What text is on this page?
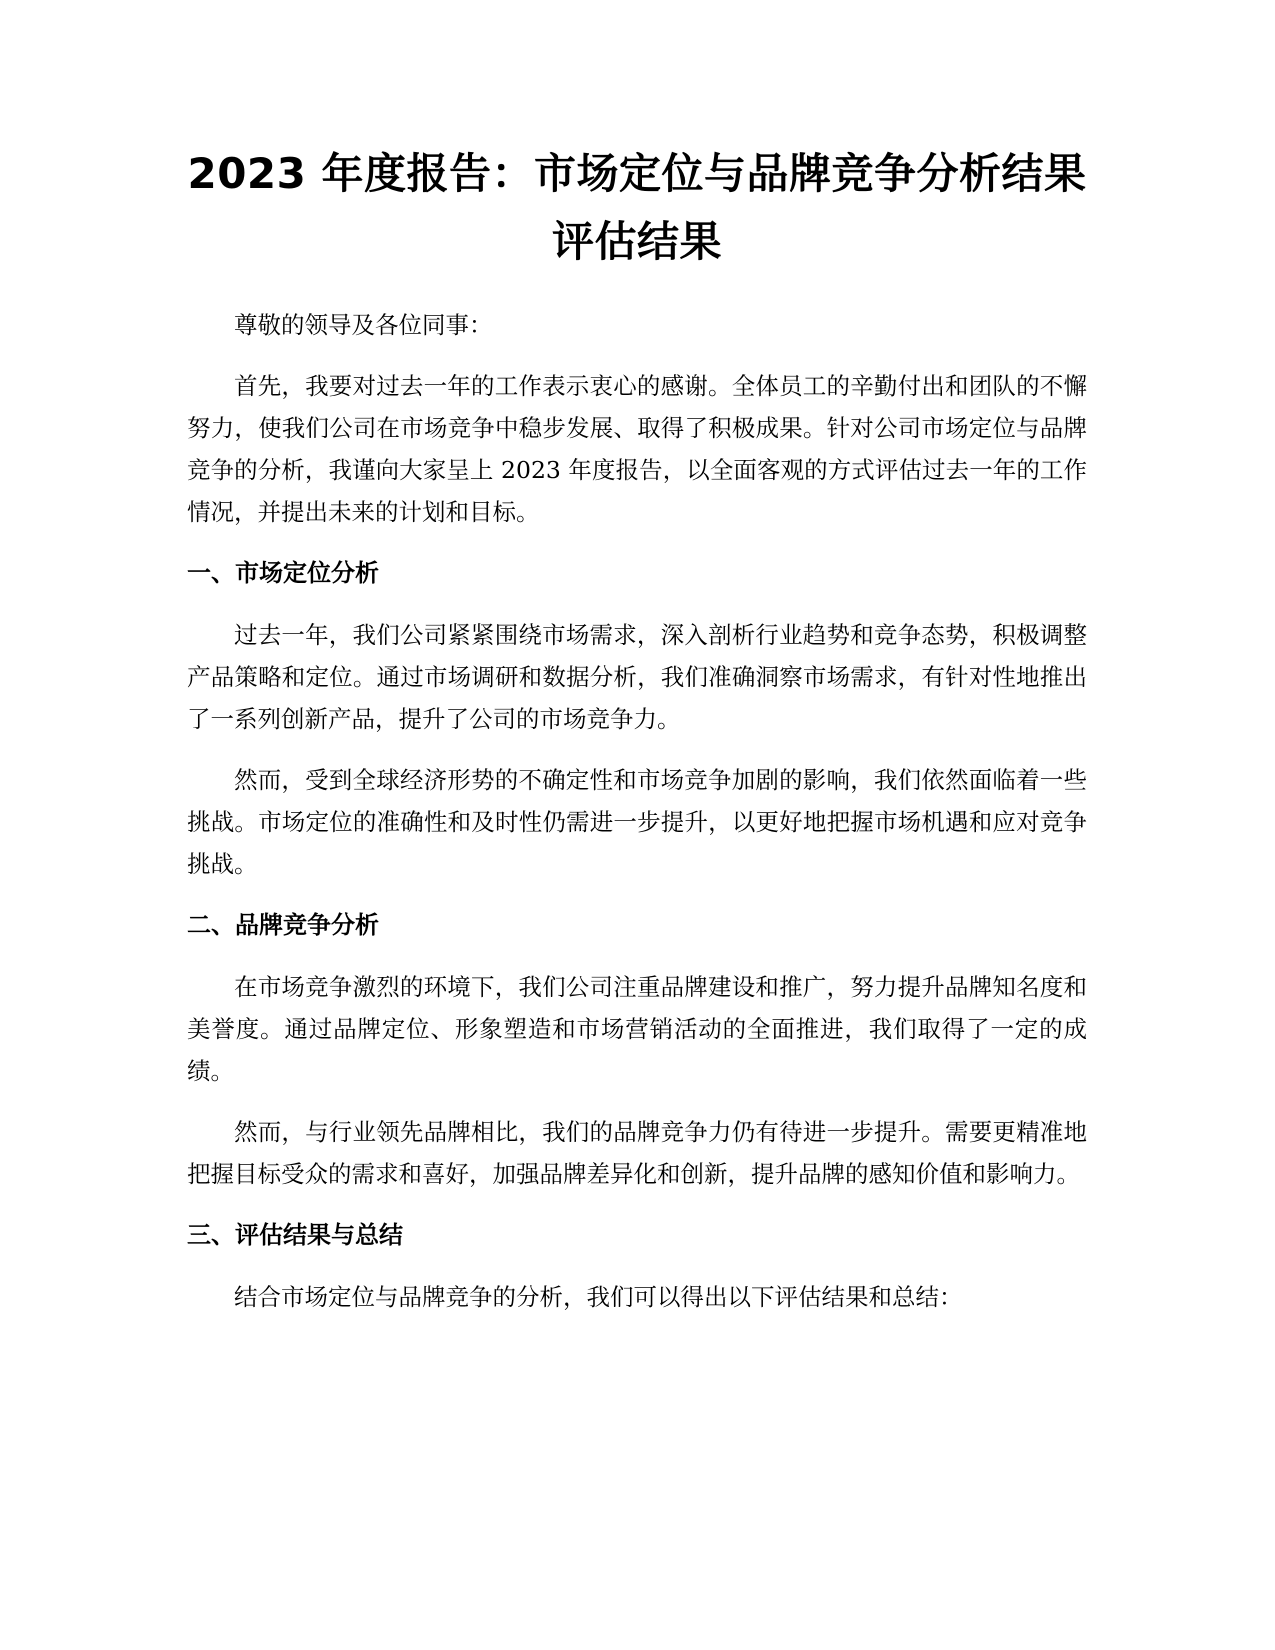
2023 年度报告：市场定位与品牌竞争分析结果评估结果

尊敬的领导及各位同事：

首先，我要对过去一年的工作表示衷心的感谢。全体员工的辛勤付出和团队的不懈努力，使我们公司在市场竞争中稳步发展、取得了积极成果。针对公司市场定位与品牌竞争的分析，我谨向大家呈上 2023 年度报告，以全面客观的方式评估过去一年的工作情况，并提出未来的计划和目标。

一、市场定位分析

过去一年，我们公司紧紧围绕市场需求，深入剖析行业趋势和竞争态势，积极调整产品策略和定位。通过市场调研和数据分析，我们准确洞察市场需求，有针对性地推出了一系列创新产品，提升了公司的市场竞争力。

然而，受到全球经济形势的不确定性和市场竞争加剧的影响，我们依然面临着一些挑战。市场定位的准确性和及时性仍需进一步提升，以更好地把握市场机遇和应对竞争挑战。

二、品牌竞争分析

在市场竞争激烈的环境下，我们公司注重品牌建设和推广，努力提升品牌知名度和美誉度。通过品牌定位、形象塑造和市场营销活动的全面推进，我们取得了一定的成绩。

然而，与行业领先品牌相比，我们的品牌竞争力仍有待进一步提升。需要更精准地把握目标受众的需求和喜好，加强品牌差异化和创新，提升品牌的感知价值和影响力。

三、评估结果与总结

结合市场定位与品牌竞争的分析，我们可以得出以下评估结果和总结：
